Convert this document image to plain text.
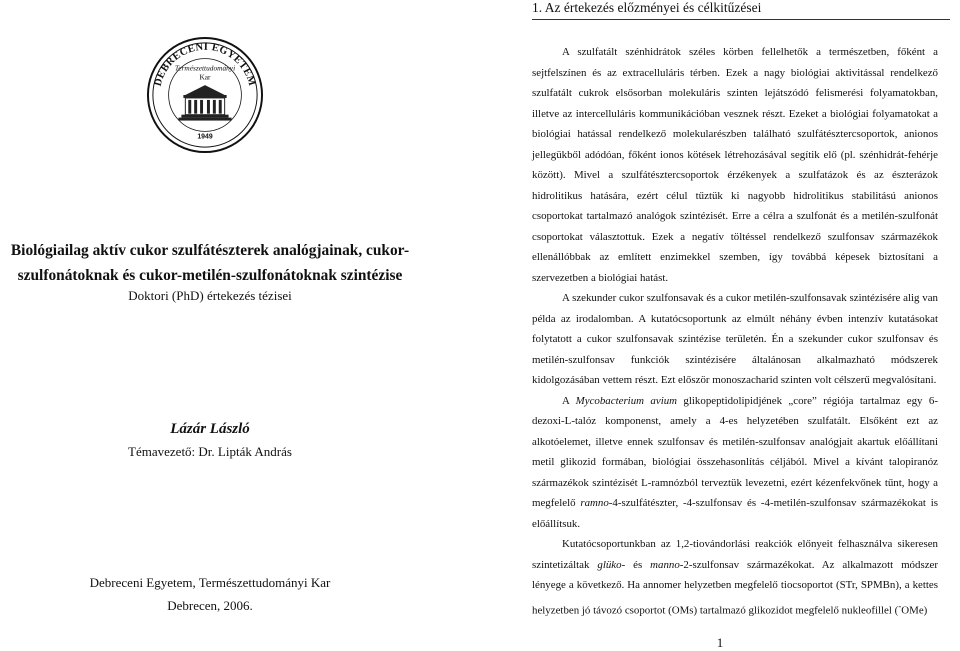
DEBRECENI EGYETEM
Természettudományi
Kar
1949
Biológiailag aktív cukor szulfátészterek analógjainak, cukor-
szulfonátoknak és cukor-metilén-szulfonátoknak szintézise
Doktori (PhD) értekezés tézisei
Lázár László
Témavezető: Dr. Lipták András
Debreceni Egyetem, Természettudományi Kar
Debrecen, 2006.
1. Az értekezés előzményei és célkitűzései

A szulfatált szénhidrátok széles körben fellelhetők a természetben, főként a sejtfelszínen és az extracelluláris térben. Ezek a nagy biológiai aktivitással rendelkező szulfatált cukrok elsősorban molekuláris szinten lejátszódó felismerési folyamatokban, illetve az intercelluláris kommunikációban vesznek részt. Ezeket a biológiai folyamatokat a biológiai hatással rendelkező molekularészben található szulfátésztercsoportok, anionos jellegükből adódóan, főként ionos kötések létrehozásával segítik elő (pl. szénhidrát-fehérje között). Mivel a szulfátésztercsoportok érzékenyek a szulfatázok és az észterázok hidrolitikus hatására, ezért célul tűztük ki nagyobb hidrolitikus stabilitású anionos csoportokat tartalmazó analógok szintézisét. Erre a célra a szulfonát és a metilén-szulfonát csoportokat választottuk. Ezek a negatív töltéssel rendelkező szulfonsav származékok ellenállóbbak az említett enzimekkel szemben, így továbbá képesek biztosítani a szervezetben a biológiai hatást.

A szekunder cukor szulfonsavak és a cukor metilén-szulfonsavak szintézisére alig van példa az irodalomban. A kutatócsoportunk az elmúlt néhány évben intenzív kutatásokat folytatott a cukor szulfonsavak szintézise területén. Én a szekunder cukor szulfonsav és metilén-szulfonsav funkciók szintézisére általánosan alkalmazható módszerek kidolgozásában vettem részt. Ezt először monoszacharid szinten volt célszerű megvalósítani.

A Mycobacterium avium glikopeptidolipidjének „core” régiója tartalmaz egy 6-dezoxi-L-talóz komponenst, amely a 4-es helyzetében szulfatált. Elsőként ezt az alkotóelemet, illetve ennek szulfonsav és metilén-szulfonsav analógjait akartuk előállítani metil glikozid formában, biológiai összehasonlítás céljából. Mivel a kívánt talopiranóz származékok szintézisét L-ramnózból terveztük levezetni, ezért kézenfekvőnek tűnt, hogy a megfelelő ramno-4-szulfátészter, -4-szulfonsav és -4-metilén-szulfonsav származékokat is előállítsuk.

Kutatócsoportunkban az 1,2-tiovándorlási reakciók előnyeit felhasználva sikeresen szintetizáltak glüko- és manno-2-szulfonsav származékokat. Az alkalmazott módszer lényege a következő. Ha annomer helyzetben megfelelő tiocsoportot (STr, SPMBn), a kettes helyzetben jó távozó csoportot (OMs) tartalmazó glikozidot megfelelő nukleofillel (-OMe)

1
